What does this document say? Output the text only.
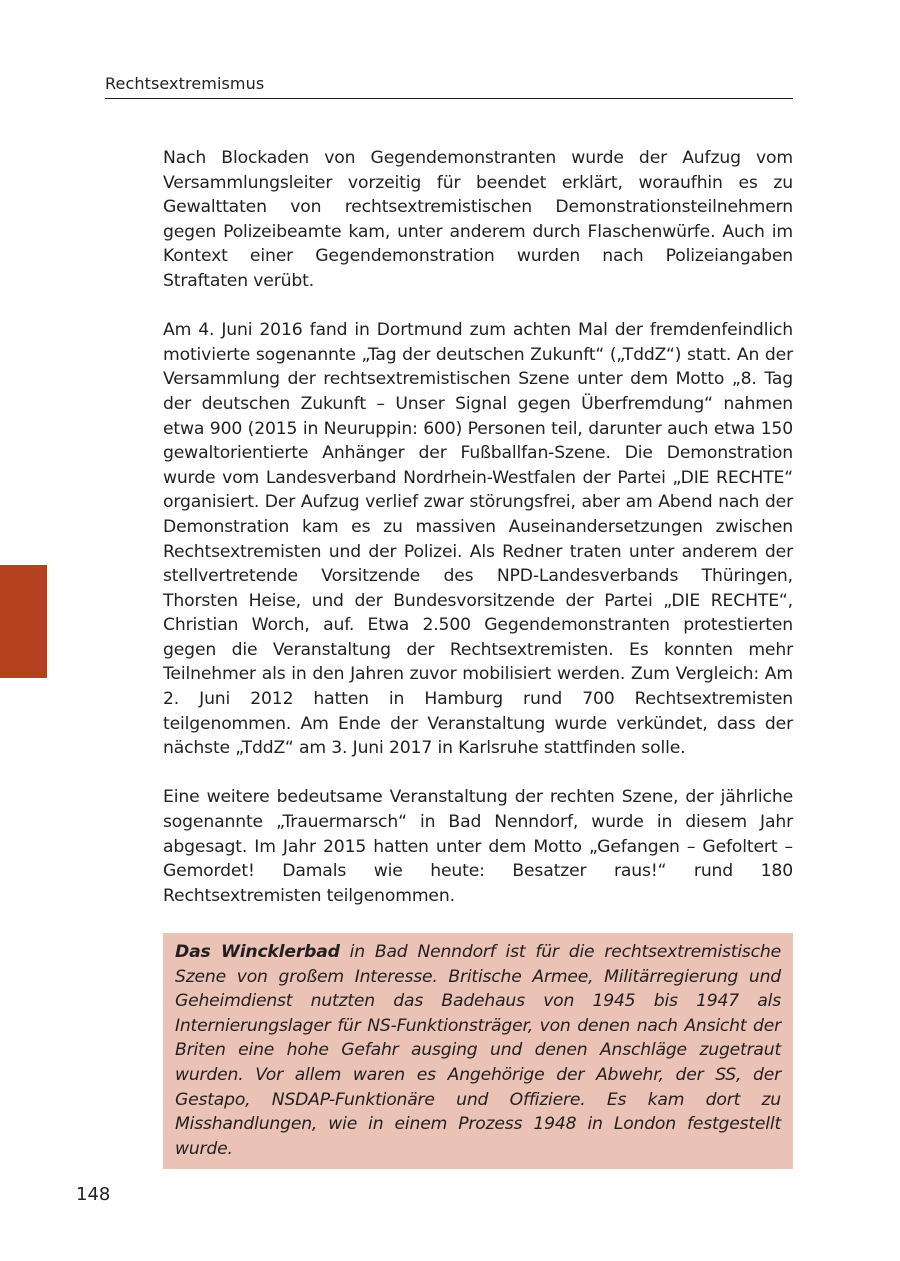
Rechtsextremismus

Nach Blockaden von Gegendemonstranten wurde der Aufzug vom Versammlungsleiter vorzeitig für beendet erklärt, woraufhin es zu Gewalttaten von rechtsextremistischen Demonstrationsteilnehmern gegen Polizeibeamte kam, unter anderem durch Flaschenwürfe. Auch im Kontext einer Gegendemonstration wurden nach Polizeiangaben Straftaten verübt.

Am 4. Juni 2016 fand in Dortmund zum achten Mal der fremdenfeindlich motivierte sogenannte „Tag der deutschen Zukunft“ („TddZ“) statt. An der Versammlung der rechtsextremistischen Szene unter dem Motto „8. Tag der deutschen Zukunft – Unser Signal gegen Überfremdung“ nahmen etwa 900 (2015 in Neuruppin: 600) Personen teil, darunter auch etwa 150 gewaltorientierte Anhänger der Fußballfan-Szene. Die Demonstration wurde vom Landesverband Nordrhein-Westfalen der Partei „DIE RECHTE“ organisiert. Der Aufzug verlief zwar störungsfrei, aber am Abend nach der Demonstration kam es zu massiven Auseinandersetzungen zwischen Rechtsextremisten und der Polizei. Als Redner traten unter anderem der stellvertretende Vorsitzende des NPD-Landesverbands Thüringen, Thorsten Heise, und der Bundesvorsitzende der Partei „DIE RECHTE“, Christian Worch, auf. Etwa 2.500 Gegendemonstranten protestierten gegen die Veranstaltung der Rechtsextremisten. Es konnten mehr Teilnehmer als in den Jahren zuvor mobilisiert werden. Zum Vergleich: Am 2. Juni 2012 hatten in Hamburg rund 700 Rechtsextremisten teilgenommen. Am Ende der Veranstaltung wurde verkündet, dass der nächste „TddZ“ am 3. Juni 2017 in Karlsruhe stattfinden solle.

Eine weitere bedeutsame Veranstaltung der rechten Szene, der jährliche sogenannte „Trauermarsch“ in Bad Nenndorf, wurde in diesem Jahr abgesagt. Im Jahr 2015 hatten unter dem Motto „Gefangen – Gefoltert – Gemordet! Damals wie heute: Besatzer raus!“ rund 180 Rechtsextremisten teilgenommen.

Das Wincklerbad in Bad Nenndorf ist für die rechtsextremistische Szene von großem Interesse. Britische Armee, Militärregierung und Geheimdienst nutzten das Badehaus von 1945 bis 1947 als Internierungslager für NS-Funktionsträger, von denen nach Ansicht der Briten eine hohe Gefahr ausging und denen Anschläge zugetraut wurden. Vor allem waren es Angehörige der Abwehr, der SS, der Gestapo, NSDAP-Funktionäre und Offiziere. Es kam dort zu Misshandlungen, wie in einem Prozess 1948 in London festgestellt wurde.
148
